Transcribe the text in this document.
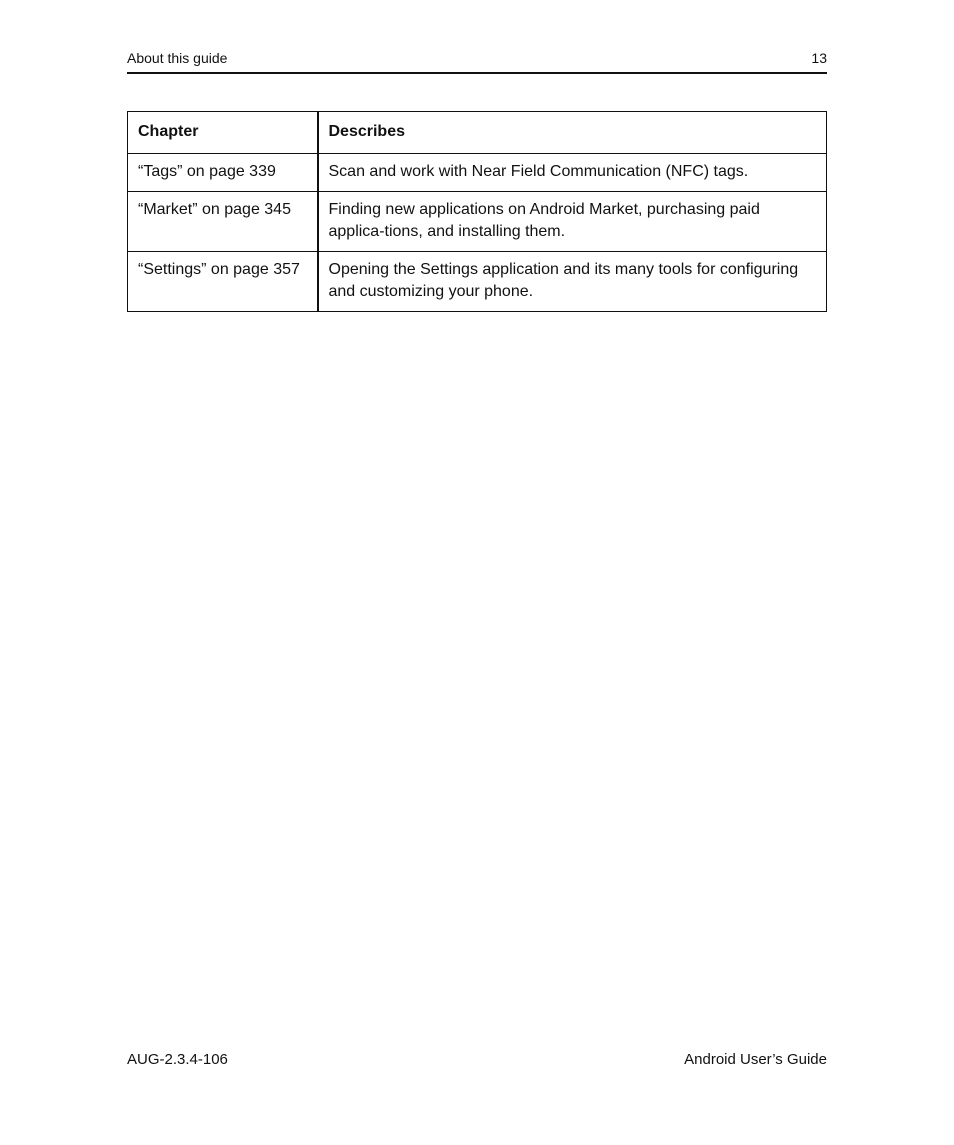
About this guide	13
Chapter	Describes
“Tags” on page 339	Scan and work with Near Field Communication (NFC) tags.
“Market” on page 345	Finding new applications on Android Market, purchasing paid applica-tions, and installing them.
“Settings” on page 357	Opening the Settings application and its many tools for configuring and customizing your phone.
AUG-2.3.4-106	Android User’s Guide
